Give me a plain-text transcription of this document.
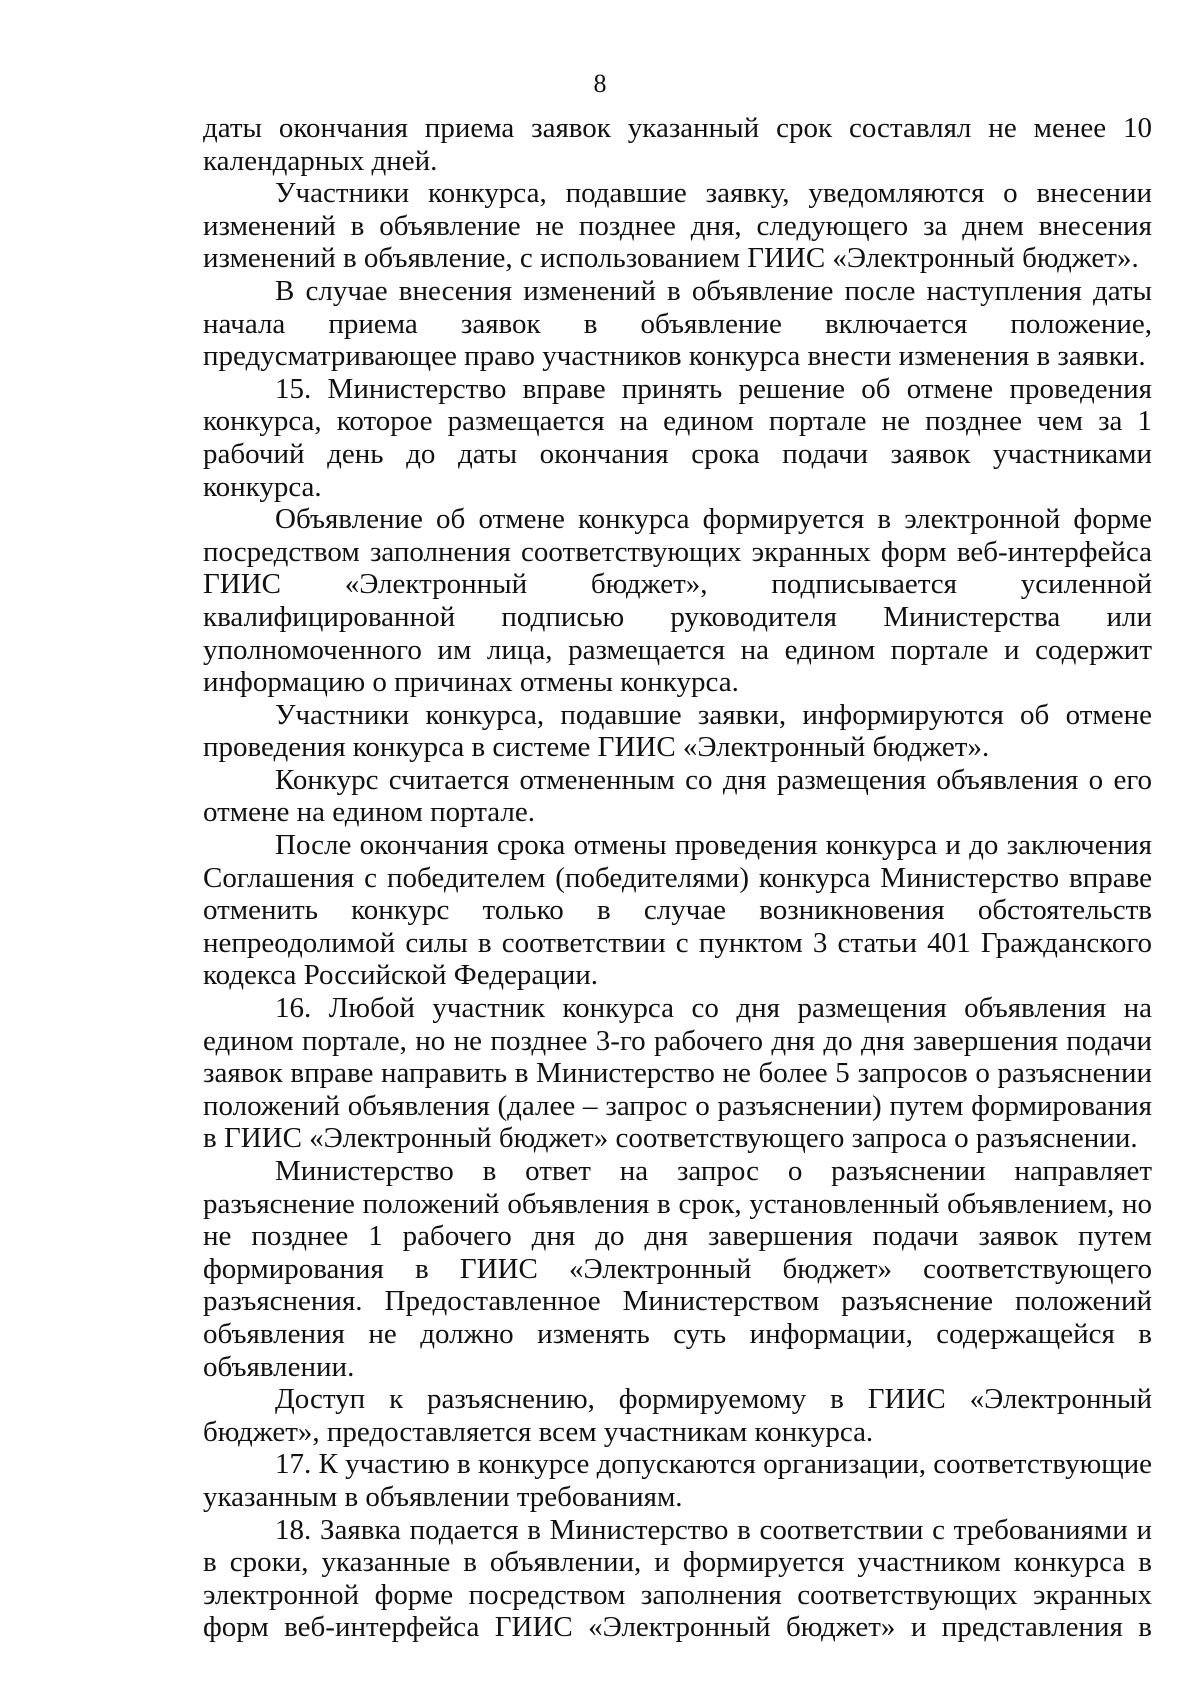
8

даты окончания приема заявок указанный срок составлял не менее 10 календарных дней.

Участники конкурса, подавшие заявку, уведомляются о внесении изменений в объявление не позднее дня, следующего за днем внесения изменений в объявление, с использованием ГИИС «Электронный бюджет».

В случае внесения изменений в объявление после наступления даты начала приема заявок в объявление включается положение, предусматривающее право участников конкурса внести изменения в заявки.

15. Министерство вправе принять решение об отмене проведения конкурса, которое размещается на едином портале не позднее чем за 1 рабочий день до даты окончания срока подачи заявок участниками конкурса.

Объявление об отмене конкурса формируется в электронной форме посредством заполнения соответствующих экранных форм веб-интерфейса ГИИС «Электронный бюджет», подписывается усиленной квалифицированной подписью руководителя Министерства или уполномоченного им лица, размещается на едином портале и содержит информацию о причинах отмены конкурса.

Участники конкурса, подавшие заявки, информируются об отмене проведения конкурса в системе ГИИС «Электронный бюджет».

Конкурс считается отмененным со дня размещения объявления о его отмене на едином портале.

После окончания срока отмены проведения конкурса и до заключения Соглашения с победителем (победителями) конкурса Министерство вправе отменить конкурс только в случае возникновения обстоятельств непреодолимой силы в соответствии с пунктом 3 статьи 401 Гражданского кодекса Российской Федерации.

16. Любой участник конкурса со дня размещения объявления на едином портале, но не позднее 3-го рабочего дня до дня завершения подачи заявок вправе направить в Министерство не более 5 запросов о разъяснении положений объявления (далее – запрос о разъяснении) путем формирования в ГИИС «Электронный бюджет» соответствующего запроса о разъяснении.

Министерство в ответ на запрос о разъяснении направляет разъяснение положений объявления в срок, установленный объявлением, но не позднее 1 рабочего дня до дня завершения подачи заявок путем формирования в ГИИС «Электронный бюджет» соответствующего разъяснения. Предоставленное Министерством разъяснение положений объявления не должно изменять суть информации, содержащейся в объявлении.

Доступ к разъяснению, формируемому в ГИИС «Электронный бюджет», предоставляется всем участникам конкурса.

17. К участию в конкурсе допускаются организации, соответствующие указанным в объявлении требованиям.

18. Заявка подается в Министерство в соответствии с требованиями и в сроки, указанные в объявлении, и формируется участником конкурса в электронной форме посредством заполнения соответствующих экранных форм веб-интерфейса ГИИС «Электронный бюджет» и представления в
